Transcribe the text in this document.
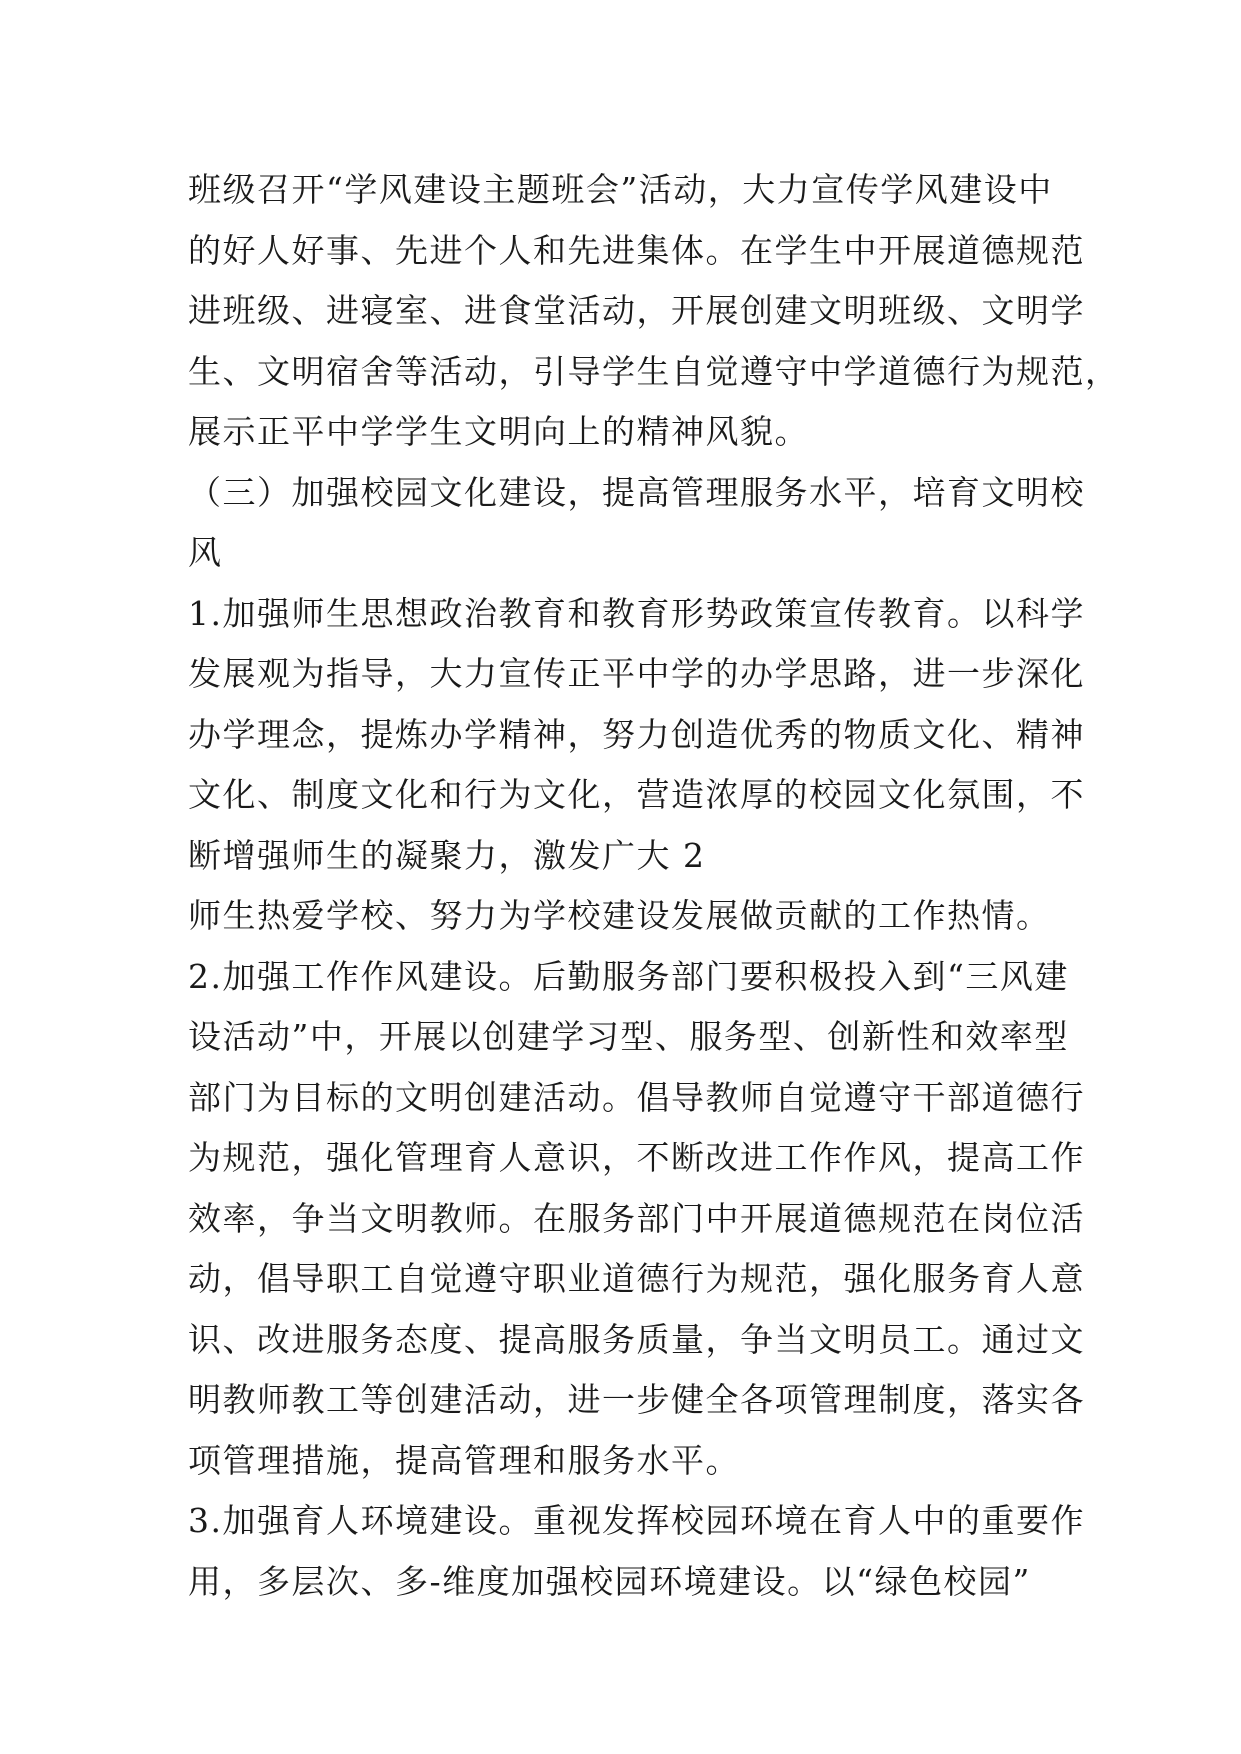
班级召开“学风建设主题班会”活动，大力宣传学风建设中
的好人好事、先进个人和先进集体。在学生中开展道德规范
进班级、进寝室、进食堂活动，开展创建文明班级、文明学
生、文明宿舍等活动，引导学生自觉遵守中学道德行为规范，
展示正平中学学生文明向上的精神风貌。
（三）加强校园文化建设，提高管理服务水平，培育文明校
风
1.加强师生思想政治教育和教育形势政策宣传教育。以科学
发展观为指导，大力宣传正平中学的办学思路，进一步深化
办学理念，提炼办学精神，努力创造优秀的物质文化、精神
文化、制度文化和行为文化，营造浓厚的校园文化氛围，不
断增强师生的凝聚力，激发广大 2
师生热爱学校、努力为学校建设发展做贡献的工作热情。
2.加强工作作风建设。后勤服务部门要积极投入到“三风建
设活动”中，开展以创建学习型、服务型、创新性和效率型
部门为目标的文明创建活动。倡导教师自觉遵守干部道德行
为规范，强化管理育人意识，不断改进工作作风，提高工作
效率，争当文明教师。在服务部门中开展道德规范在岗位活
动，倡导职工自觉遵守职业道德行为规范，强化服务育人意
识、改进服务态度、提高服务质量，争当文明员工。通过文
明教师教工等创建活动，进一步健全各项管理制度，落实各
项管理措施，提高管理和服务水平。
3.加强育人环境建设。重视发挥校园环境在育人中的重要作
用，多层次、多-维度加强校园环境建设。以“绿色校园”
